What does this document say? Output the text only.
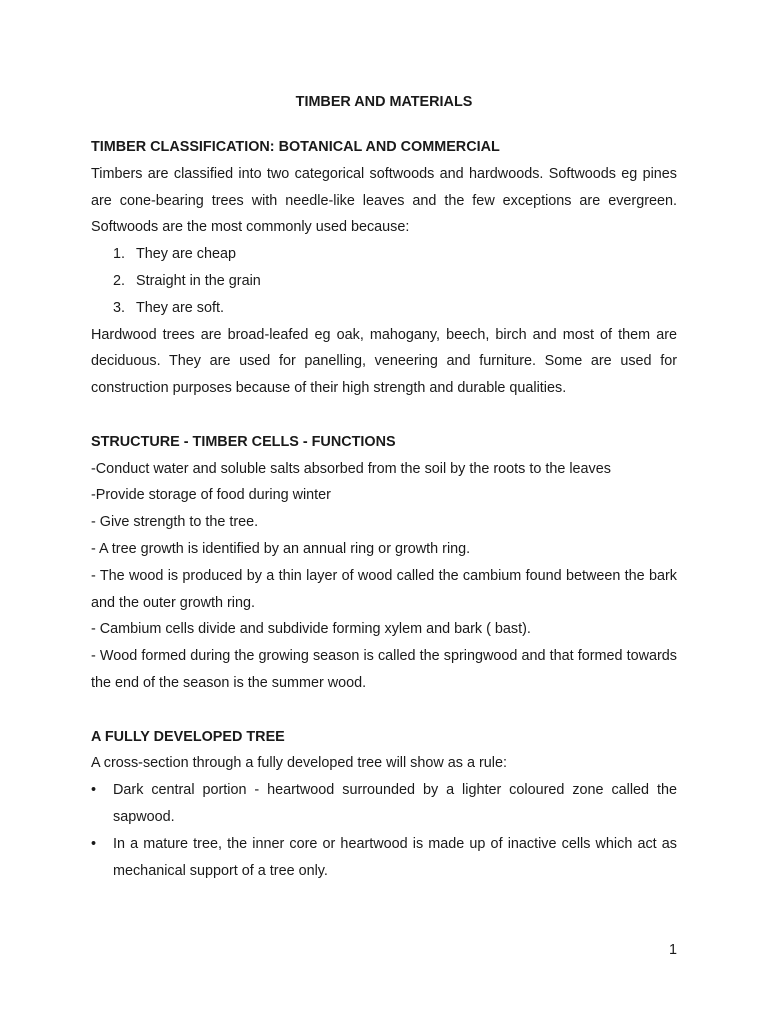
TIMBER AND MATERIALS

TIMBER CLASSIFICATION: BOTANICAL AND COMMERCIAL

Timbers are classified into two categorical softwoods and hardwoods. Softwoods eg pines are cone-bearing trees with needle-like leaves and the few exceptions are evergreen. Softwoods are the most commonly used because:

1. They are cheap
2. Straight in the grain
3. They are soft.

Hardwood trees are broad-leafed eg oak, mahogany, beech, birch and most of them are deciduous. They are used for panelling, veneering and furniture. Some are used for construction purposes because of their high strength and durable qualities.

STRUCTURE - TIMBER CELLS - FUNCTIONS

-Conduct water and soluble salts absorbed from the soil by the roots to the leaves

-Provide storage of food during winter

- Give strength to the tree.

- A tree growth is identified by an annual ring or growth ring.

- The wood is produced by a thin layer of wood called the cambium found between the bark and the outer growth ring.

- Cambium cells divide and subdivide forming xylem and bark ( bast).

- Wood formed during the growing season is called the springwood and that formed towards the end of the season is the summer wood.

A FULLY DEVELOPED TREE

A cross-section through a fully developed tree will show as a rule:

• Dark central portion - heartwood surrounded by a lighter coloured zone called the sapwood.
• In a mature tree, the inner core or heartwood is made up of inactive cells which act as mechanical support of a tree only.
1
